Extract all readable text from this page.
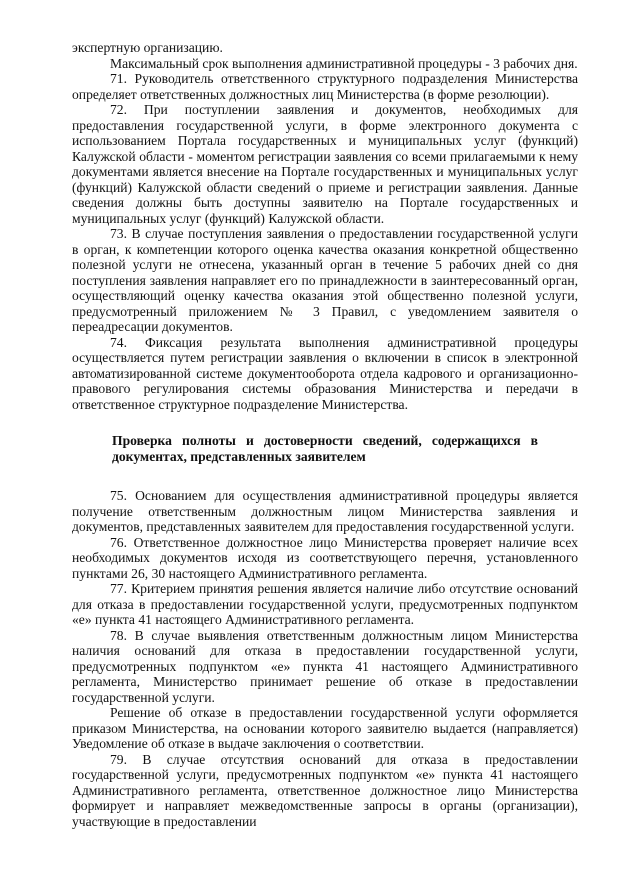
экспертную организацию.

Максимальный срок выполнения административной процедуры - 3 рабочих дня.

71. Руководитель ответственного структурного подразделения Министерства определяет ответственных должностных лиц Министерства (в форме резолюции).

72. При поступлении заявления и документов, необходимых для предоставления государственной услуги, в форме электронного документа с использованием Портала государственных и муниципальных услуг (функций) Калужской области - моментом регистрации заявления со всеми прилагаемыми к нему документами является внесение на Портале государственных и муниципальных услуг (функций) Калужской области сведений о приеме и регистрации заявления. Данные сведения должны быть доступны заявителю на Портале государственных и муниципальных услуг (функций) Калужской области.

73. В случае поступления заявления о предоставлении государственной услуги в орган, к компетенции которого оценка качества оказания конкретной общественно полезной услуги не отнесена, указанный орган в течение 5 рабочих дней со дня поступления заявления направляет его по принадлежности в заинтересованный орган, осуществляющий оценку качества оказания этой общественно полезной услуги, предусмотренный приложением № 3 Правил, с уведомлением заявителя о переадресации документов.

74. Фиксация результата выполнения административной процедуры осуществляется путем регистрации заявления о включении в список в электронной автоматизированной системе документооборота отдела кадрового и организационно-правового регулирования системы образования Министерства и передачи в ответственное структурное подразделение Министерства.

Проверка полноты и достоверности сведений, содержащихся в документах, представленных заявителем

75. Основанием для осуществления административной процедуры является получение ответственным должностным лицом Министерства заявления и документов, представленных заявителем для предоставления государственной услуги.

76. Ответственное должностное лицо Министерства проверяет наличие всех необходимых документов исходя из соответствующего перечня, установленного пунктами 26, 30 настоящего Административного регламента.

77. Критерием принятия решения является наличие либо отсутствие оснований для отказа в предоставлении государственной услуги, предусмотренных подпунктом «е» пункта 41 настоящего Административного регламента.

78. В случае выявления ответственным должностным лицом Министерства наличия оснований для отказа в предоставлении государственной услуги, предусмотренных подпунктом «е» пункта 41 настоящего Административного регламента, Министерство принимает решение об отказе в предоставлении государственной услуги.

Решение об отказе в предоставлении государственной услуги оформляется приказом Министерства, на основании которого заявителю выдается (направляется) Уведомление об отказе в выдаче заключения о соответствии.

79. В случае отсутствия оснований для отказа в предоставлении государственной услуги, предусмотренных подпунктом «е» пункта 41 настоящего Административного регламента, ответственное должностное лицо Министерства формирует и направляет межведомственные запросы в органы (организации), участвующие в предоставлении
